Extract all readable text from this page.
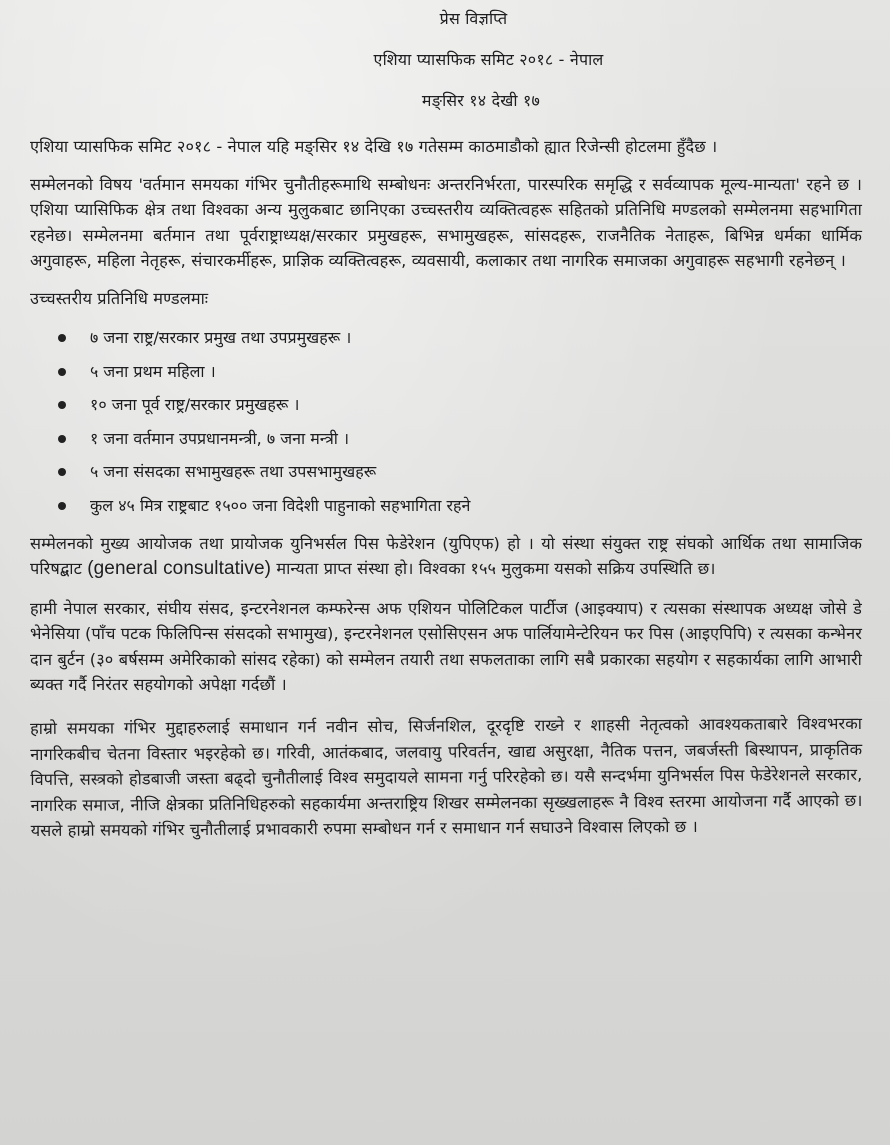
प्रेस विज्ञप्ति
एशिया प्यासफिक समिट २०१८ - नेपाल
मङ्सिर १४ देखी १७

एशिया प्यासफिक समिट २०१८ - नेपाल यहि मङ्सिर १४ देखि १७ गतेसम्म काठमाडौको ह्यात रिजेन्सी होटलमा हुँदैछ ।

सम्मेलनको विषय 'वर्तमान समयका गंभिर चुनौतीहरूमाथि सम्बोधनः अन्तरनिर्भरता, पारस्परिक समृद्धि र सर्वव्यापक मूल्य-मान्यता' रहने छ । एशिया प्यासिफिक क्षेत्र तथा विश्वका अन्य मुलुकबाट छानिएका उच्चस्तरीय व्यक्तित्वहरू सहितको प्रतिनिधि मण्डलको सम्मेलनमा सहभागिता रहनेछ। सम्मेलनमा बर्तमान तथा पूर्वराष्ट्राध्यक्ष/सरकार प्रमुखहरू, सभामुखहरू, सांसदहरू, राजनैतिक नेताहरू, बिभिन्न धर्मका धार्मिक अगुवाहरू, महिला नेतृहरू, संचारकर्मीहरू, प्राज्ञिक व्यक्तित्वहरू, व्यवसायी, कलाकार तथा नागरिक समाजका अगुवाहरू सहभागी रहनेछन् ।

उच्चस्तरीय प्रतिनिधि मण्डलमाः

७ जना राष्ट्र/सरकार प्रमुख तथा उपप्रमुखहरू ।
५ जना प्रथम महिला ।
१० जना पूर्व राष्ट्र/सरकार प्रमुखहरू ।
१ जना वर्तमान उपप्रधानमन्त्री, ७ जना मन्त्री ।
५ जना संसदका सभामुखहरू तथा उपसभामुखहरू
कुल ४५ मित्र राष्ट्रबाट १५०० जना विदेशी पाहुनाको सहभागिता रहने

सम्मेलनको मुख्य आयोजक तथा प्रायोजक युनिभर्सल पिस फेडेरेशन (युपिएफ) हो । यो संस्था संयुक्त राष्ट्र संघको आर्थिक तथा सामाजिक परिषद्बाट (general consultative) मान्यता प्राप्त संस्था हो। विश्वका १५५ मुलुकमा यसको सक्रिय उपस्थिति छ।

हामी नेपाल सरकार, संघीय संसद, इन्टरनेशनल कम्फरेन्स अफ एशियन पोलिटिकल पार्टीज (आइक्याप) र त्यसका संस्थापक अध्यक्ष जोसे डे भेनेसिया (पाँच पटक फिलिपिन्स संसदको सभामुख), इन्टरनेशनल एसोसिएसन अफ पार्लियामेन्टेरियन फर पिस (आइएपिपि) र त्यसका कन्भेनर दान बुर्टन (३० बर्षसम्म अमेरिकाको सांसद रहेका) को सम्मेलन तयारी तथा सफलताका लागि सबै प्रकारका सहयोग र सहकार्यका लागि आभारी ब्यक्त गर्दै निरंतर सहयोगको अपेक्षा गर्दछौं ।

हाम्रो समयका गंभिर मुद्दाहरुलाई समाधान गर्न नवीन सोच, सिर्जनशिल, दूरदृष्टि राख्ने र शाहसी नेतृत्वको आवश्यकताबारे विश्वभरका नागरिकबीच चेतना विस्तार भइरहेको छ। गरिवी, आतंकबाद, जलवायु परिवर्तन, खाद्य असुरक्षा, नैतिक पत्तन, जबर्जस्ती बिस्थापन, प्राकृतिक विपत्ति, सस्त्रको होडबाजी जस्ता बढ्दो चुनौतीलाई विश्व समुदायले सामना गर्नु परिरहेको छ। यसै सन्दर्भमा युनिभर्सल पिस फेडेरेशनले सरकार, नागरिक समाज, नीजि क्षेत्रका प्रतिनिधिहरुको सहकार्यमा अन्तराष्ट्रिय शिखर सम्मेलनका सृख्खलाहरू नै विश्व स्तरमा आयोजना गर्दै आएको छ। यसले हाम्रो समयको गंभिर चुनौतीलाई प्रभावकारी रुपमा सम्बोधन गर्न र समाधान गर्न सघाउने विश्वास लिएको छ ।
